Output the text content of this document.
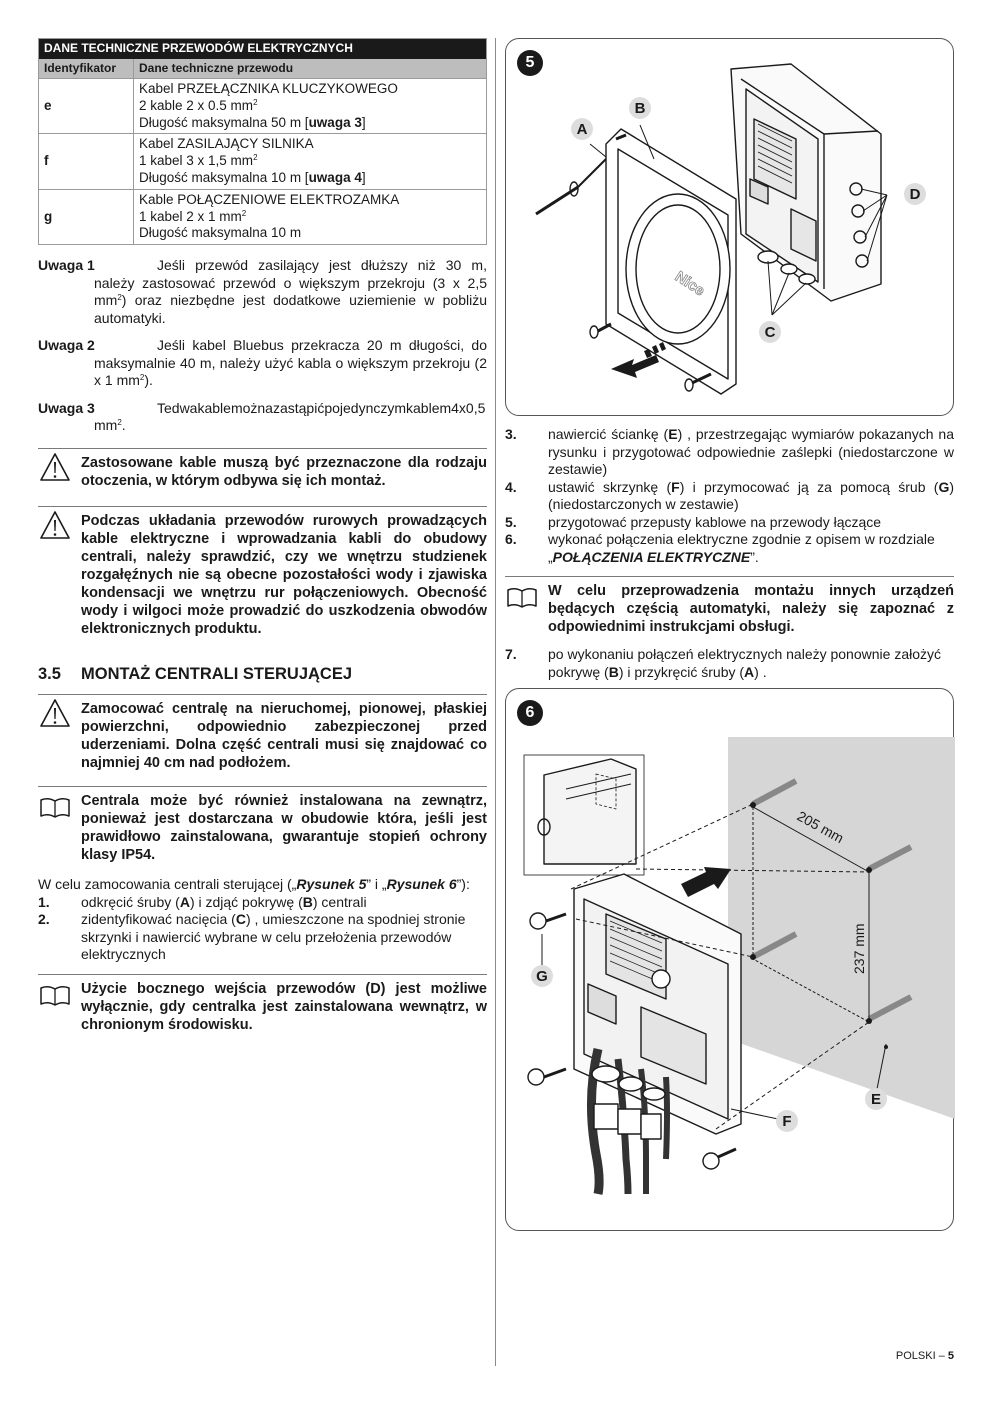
DANE TECHNICZNE PRZEWODÓW ELEKTRYCZNYCH	
Identyfikator	Dane techniczne przewodu
e	Kabel PRZEŁĄCZNIKA KLUCZYKOWEGO
2 kable 2 x 0.5 $mm^2$
Długość maksymalna 50 m [uwaga 3]

f	Kabel ZASILAJĄCY SILNIKA
1 kabel 3 x 1,5 $mm^2$
Długość maksymalna 10 m [uwaga 4]

g	Kable POŁĄCZENIOWE ELEKTROZAMKA
1 kabel 2 x 1 $mm^2$
Długość maksymalna 10 m
Uwaga 1	Jeśli przewód zasilający jest dłuższy niż 30 m, należy zastosować przewód o większym przekroju (3 x 2,5 $mm^2$) oraz niezbędne jest dodatkowe uziemienie w pobliżu automatyki.
Uwaga 2	Jeśli kabel Bluebus przekracza 20 m długości, do maksymalnie 40 m, należy użyć kabla o większym przekroju (2 x 1 $mm^2$).
Uwaga 3	Tedwakablemożnazastąpićpojedynczymkablem4x0,5 $mm^2$.
Zastosowane kable muszą być przeznaczone dla rodzaju otoczenia, w którym odbywa się ich montaż.
Podczas układania przewodów rurowych prowadzących kable elektryczne i wprowadzania kabli do obudowy centrali, należy sprawdzić, czy we wnętrzu studzienek rozgałęźnych nie są obecne pozostałości wody i zjawiska kondensacji we wnętrzu rur połączeniowych. Obecność wody i wilgoci może prowadzić do uszkodzenia obwodów elektronicznych produktu.
3.5	MONTAŻ CENTRALI STERUJĄCEJ
Zamocować centralę na nieruchomej, pionowej, płaskiej powierzchni, odpowiednio zabezpieczonej przed uderzeniami. Dolna część centrali musi się znajdować co najmniej 40 cm nad podłożem.
Centrala może być również instalowana na zewnątrz, ponieważ jest dostarczana w obudowie która, jeśli jest prawidłowo zainstalowana, gwarantuje stopień ochrony klasy IP54.

W celu zamocowania centrali sterującej („Rysunek 5” i „Rysunek 6”):

1.	odkręcić śruby (A) i zdjąć pokrywę (B) centrali
2.	zidentyfikować nacięcia (C) , umieszczone na spodniej stronie skrzynki i nawiercić wybrane w celu przełożenia przewodów elektrycznych
Użycie bocznego wejścia przewodów (D) jest możliwe wyłącznie, gdy centralka jest zainstalowana wewnątrz, w chronionym środowisku.
5
Nice
A
B
C
D
3.	nawiercić ściankę (E) , przestrzegając wymiarów pokazanych na rysunku i przygotować odpowiednie zaślepki (niedostarczone w zestawie)
4.	ustawić skrzynkę (F) i przymocować ją za pomocą śrub (G) (niedostarczonych w zestawie)
5.	przygotować przepusty kablowe na przewody łączące
6.	wykonać połączenia elektryczne zgodnie z opisem w rozdziale „POŁĄCZENIA ELEKTRYCZNE”.
W celu przeprowadzenia montażu innych urządzeń będących częścią automatyki, należy się zapoznać z odpowiednimi instrukcjami obsługi.
7.	po wykonaniu połączeń elektrycznych należy ponownie założyć pokrywę (B) i przykręcić śruby (A) .
6
205 mm
237 mm
G
E
F
POLSKI – 5
